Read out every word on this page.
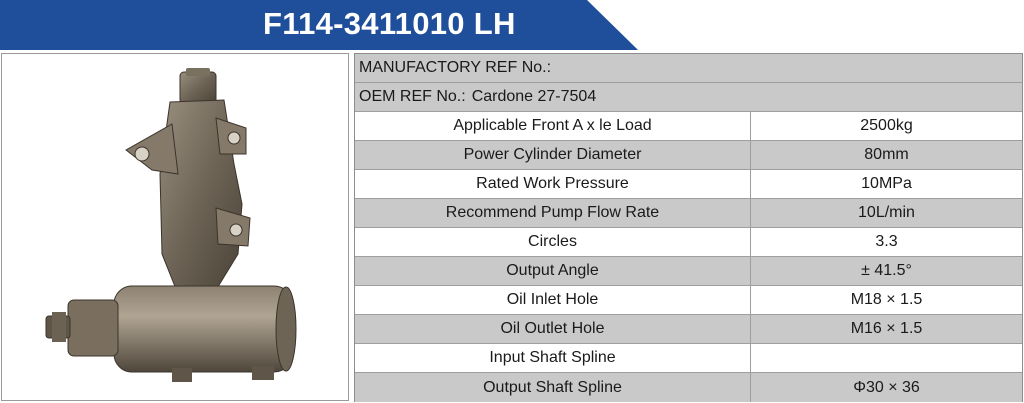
F114-3411010 LH
MANUFACTORY REF No.:
OEM REF No.: Cardone 27-7504
Applicable Front A x le Load	2500kg
Power Cylinder Diameter	80mm
Rated Work Pressure	10MPa
Recommend Pump Flow Rate	10L/min
Circles	3.3
Output Angle	± 41.5°
Oil Inlet Hole	M18 × 1.5
Oil Outlet Hole	M16 × 1.5
Input Shaft Spline
Output Shaft Spline	Φ30 × 36
